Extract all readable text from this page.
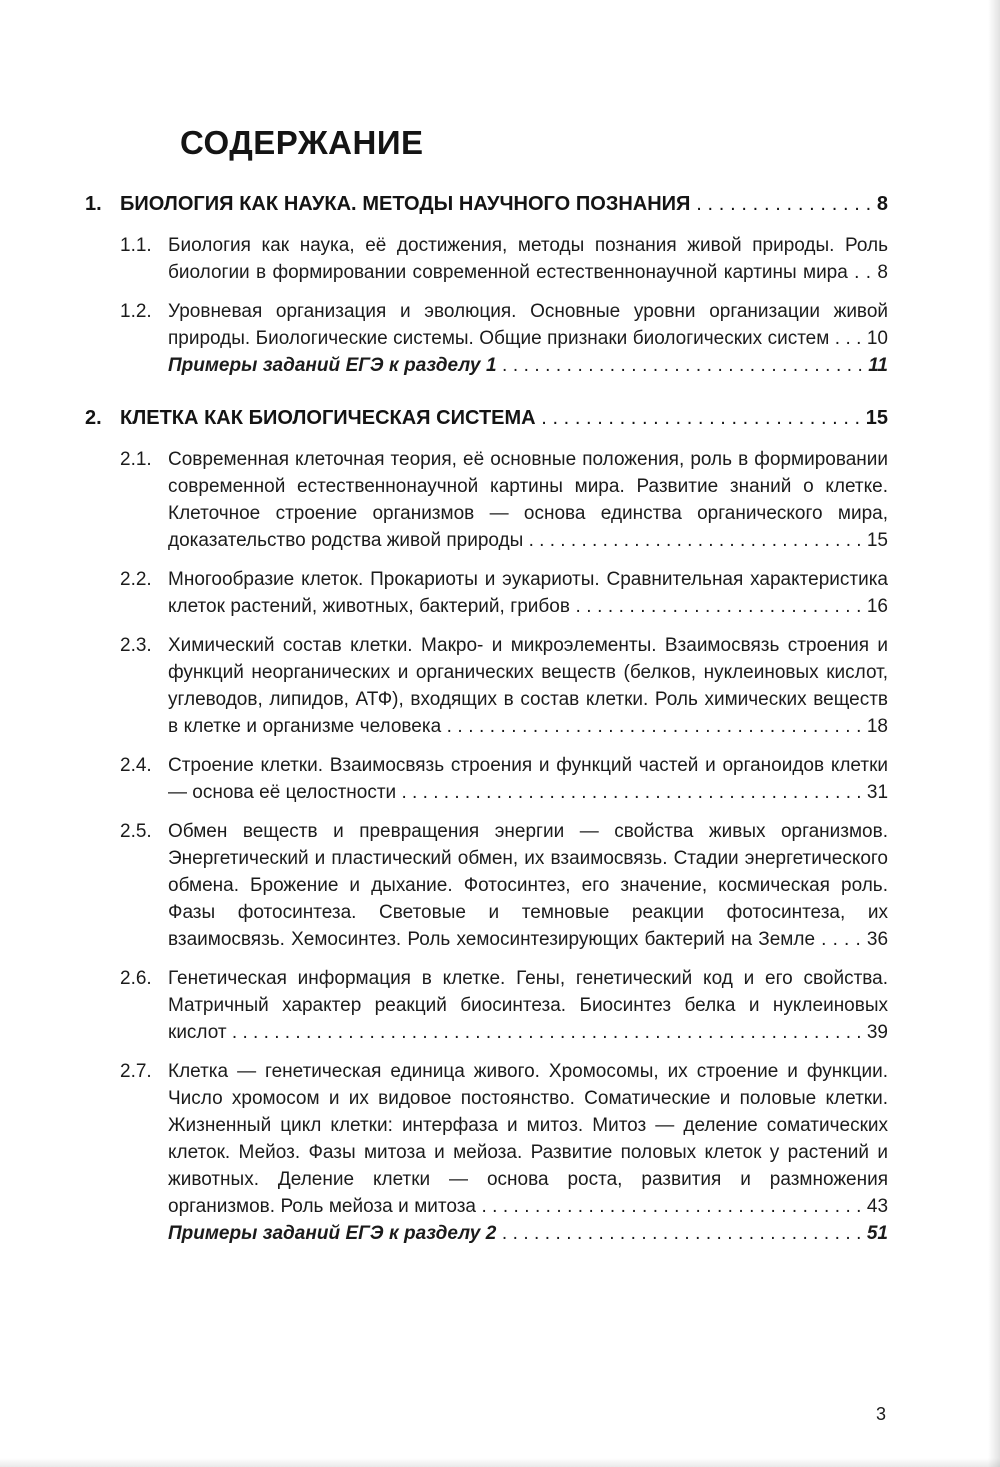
СОДЕРЖАНИЕ
1. БИОЛОГИЯ КАК НАУКА. МЕТОДЫ НАУЧНОГО ПОЗНАНИЯ . . . . . . . . . . . . . . . . 8
1.1. Биология как наука, её достижения, методы познания живой природы. Роль биологии в формировании современной естественнонаучной картины мира . . 8
1.2. Уровневая организация и эволюция. Основные уровни организации живой природы. Биологические системы. Общие признаки биологических систем . . . 10
Примеры заданий ЕГЭ к разделу 1 . . . . . . . . . . . . . . . . . . . . . . . . . . . . . . . . . . 11
2. КЛЕТКА КАК БИОЛОГИЧЕСКАЯ СИСТЕМА . . . . . . . . . . . . . . . . . . . . . . . . . . . . . 15
2.1. Современная клеточная теория, её основные положения, роль в формировании современной естественнонаучной картины мира. Развитие знаний о клетке. Клеточное строение организмов — основа единства органического мира, доказательство родства живой природы . . . . . . . . . . . . . . . . . . . . . . . . . . . . . . . . 15
2.2. Многообразие клеток. Прокариоты и эукариоты. Сравнительная характеристика клеток растений, животных, бактерий, грибов . . . . . . . . . . . . . . . . . . . . . . . . . . . 16
2.3. Химический состав клетки. Макро- и микроэлементы. Взаимосвязь строения и функций неорганических и органических веществ (белков, нуклеиновых кислот, углеводов, липидов, АТФ), входящих в состав клетки. Роль химических веществ в клетке и организме человека . . . . . . . . . . . . . . . . . . . . . . . . . . . . . . . . . . . . . . . 18
2.4. Строение клетки. Взаимосвязь строения и функций частей и органоидов клетки — основа её целостности . . . . . . . . . . . . . . . . . . . . . . . . . . . . . . . . . . . . . . . . . . . . 31
2.5. Обмен веществ и превращения энергии — свойства живых организмов. Энергетический и пластический обмен, их взаимосвязь. Стадии энергетического обмена. Брожение и дыхание. Фотосинтез, его значение, космическая роль. Фазы фотосинтеза. Световые и темновые реакции фотосинтеза, их взаимосвязь. Хемосинтез. Роль хемосинтезирующих бактерий на Земле . . . . 36
2.6. Генетическая информация в клетке. Гены, генетический код и его свойства. Матричный характер реакций биосинтеза. Биосинтез белка и нуклеиновых кислот . . . . . . . . . . . . . . . . . . . . . . . . . . . . . . . . . . . . . . . . . . . . . . . . . . . . . . . . . . . . 39
2.7. Клетка — генетическая единица живого. Хромосомы, их строение и функции. Число хромосом и их видовое постоянство. Соматические и половые клетки. Жизненный цикл клетки: интерфаза и митоз. Митоз — деление соматических клеток. Мейоз. Фазы митоза и мейоза. Развитие половых клеток у растений и животных. Деление клетки — основа роста, развития и размножения организмов. Роль мейоза и митоза . . . . . . . . . . . . . . . . . . . . . . . . . . . . . . . . . . . . 43
Примеры заданий ЕГЭ к разделу 2 . . . . . . . . . . . . . . . . . . . . . . . . . . . . . . . . . . 51
3
